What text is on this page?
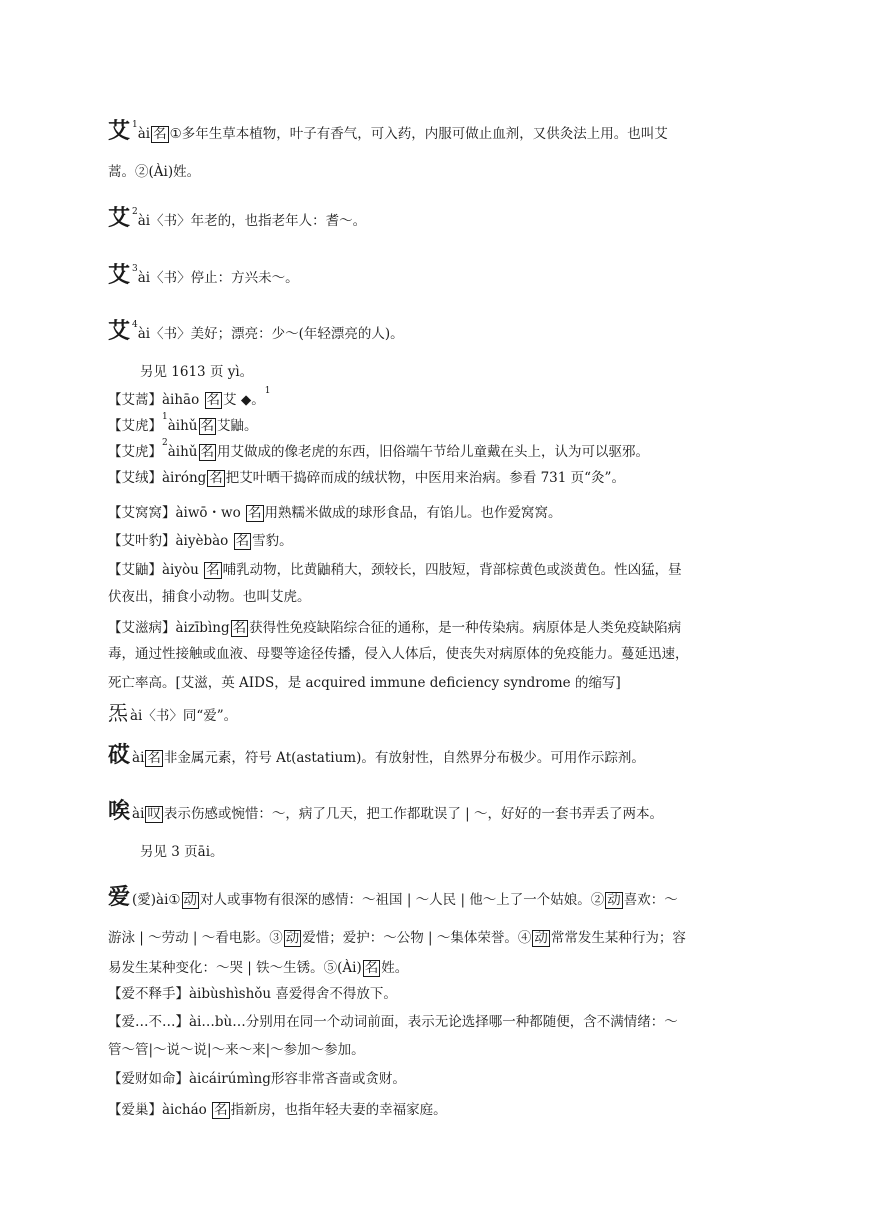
艾 $^1$ài 名 ①多年生草本植物，叶子有香气，可入药，内服可做止血剂，又供灸法上用。也叫艾
蒿。②(Ài)姓。
艾 $^2$ài〈书〉年老的，也指老年人：耆～。
艾 $^3$ài〈书〉停止：方兴未～。
艾 $^4$ài〈书〉美好；漂亮：少～(年轻漂亮的人)。
另见 1613 页 yì。
【艾蒿】àihāo 名 艾 ◆。$^1$
【艾虎】$^1$àihǔ 名 艾鼬。
【艾虎】$^2$àihǔ 名 用艾做成的像老虎的东西，旧俗端午节给儿童戴在头上，认为可以驱邪。
【艾绒】àiróng 名 把艾叶晒干捣碎而成的绒状物，中医用来治病。参看 731 页“灸”。
【艾窝窝】àiwō・wo 名 用熟糯米做成的球形食品，有馅儿。也作爱窝窝。
【艾叶豹】àiyèbào 名 雪豹。
【艾鼬】àiyòu 名 哺乳动物，比黄鼬稍大，颈较长，四肢短，背部棕黄色或淡黄色。性凶猛，昼
伏夜出，捕食小动物。也叫艾虎。
【艾滋病】àizībìng 名 获得性免疫缺陷综合征的通称，是一种传染病。病原体是人类免疫缺陷病
毒，通过性接触或血液、母婴等途径传播，侵入人体后，使丧失对病原体的免疫能力。蔓延迅速，
死亡率高。[艾滋，英 AIDS，是 acquired immune deficiency syndrome 的缩写]
炁 ài〈书〉同“爱”。
砹ài 名 非金属元素，符号 At(astatium)。有放射性，自然界分布极少。可用作示踪剂。
唉ài 叹 表示伤感或惋惜：～，病了几天，把工作都耽误了 | ～，好好的一套书弄丢了两本。
另见 3 页āi。
爱 (愛)ài① 动 对人或事物有很深的感情：～祖国 | ～人民 | 他～上了一个姑娘。② 动 喜欢：～
游泳 | ～劳动 | ～看电影。③ 动 爱惜；爱护：～公物 | ～集体荣誉。④ 动 常常发生某种行为；容
易发生某种变化：～哭 | 铁～生锈。⑤(Ài) 名 姓。
【爱不释手】àibùshìshǒu 喜爱得舍不得放下。
【爱…不…】ài…bù…分别用在同一个动词前面，表示无论选择哪一种都随便，含不满情绪：～
管～管|～说～说|～来～来|～参加～参加。
【爱财如命】àicáirúmìng形容非常吝啬或贪财。
【爱巢】àicháo 名 指新房，也指年轻夫妻的幸福家庭。
